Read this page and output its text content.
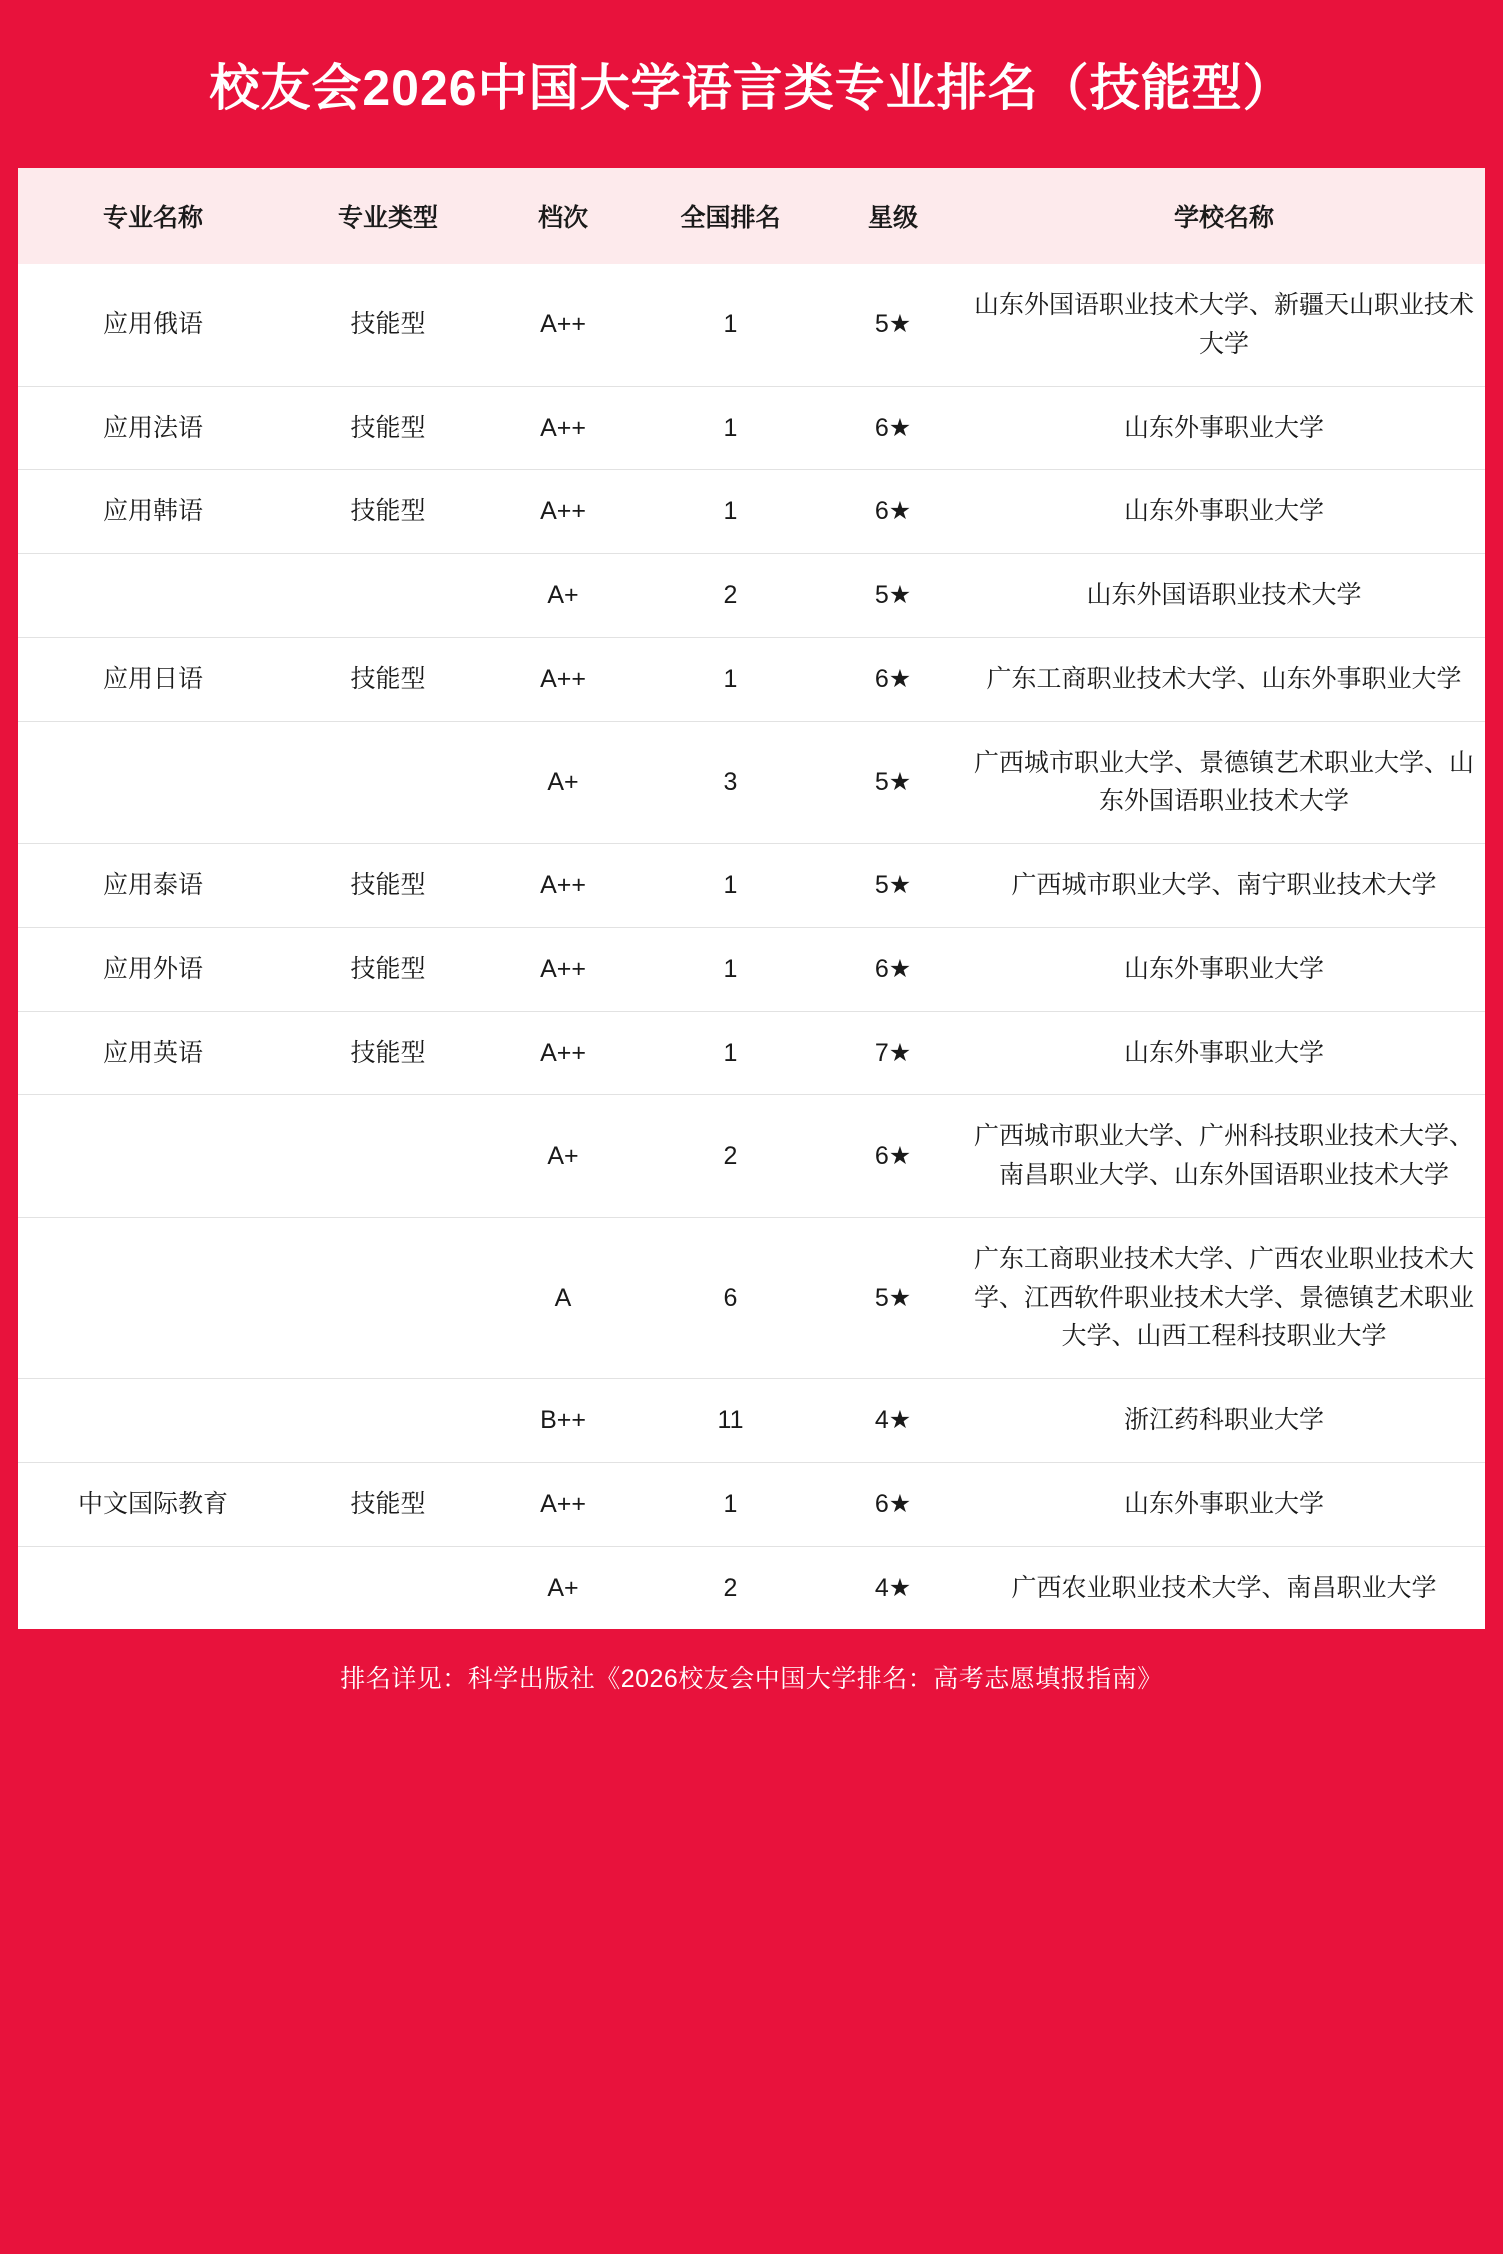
校友会2026中国大学语言类专业排名（技能型）
专业名称	专业类型	档次	全国排名	星级	学校名称
应用俄语	技能型	A++	1	5★	山东外国语职业技术大学、新疆天山职业技术大学
应用法语	技能型	A++	1	6★	山东外事职业大学
应用韩语	技能型	A++	1	6★	山东外事职业大学
		A+	2	5★	山东外国语职业技术大学
应用日语	技能型	A++	1	6★	广东工商职业技术大学、山东外事职业大学
		A+	3	5★	广西城市职业大学、景德镇艺术职业大学、山东外国语职业技术大学
应用泰语	技能型	A++	1	5★	广西城市职业大学、南宁职业技术大学
应用外语	技能型	A++	1	6★	山东外事职业大学
应用英语	技能型	A++	1	7★	山东外事职业大学
		A+	2	6★	广西城市职业大学、广州科技职业技术大学、南昌职业大学、山东外国语职业技术大学
		A	6	5★	广东工商职业技术大学、广西农业职业技术大学、江西软件职业技术大学、景德镇艺术职业大学、山西工程科技职业大学
		B++	11	4★	浙江药科职业大学
中文国际教育	技能型	A++	1	6★	山东外事职业大学
		A+	2	4★	广西农业职业技术大学、南昌职业大学
排名详见：科学出版社《2026校友会中国大学排名：高考志愿填报指南》
